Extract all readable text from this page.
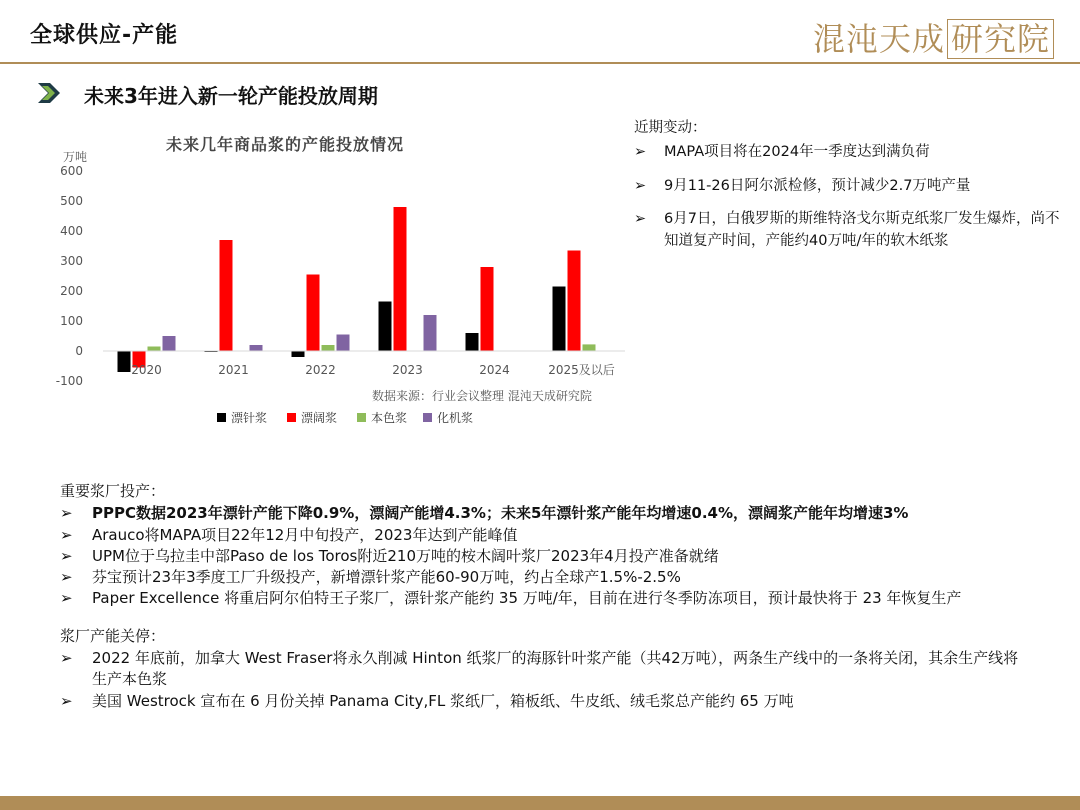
全球供应-产能	混沌天成 研究院
未来3年进入新一轮产能投放周期
未来几年商品浆的产能投放情况
万吨
-100
0
100
200
300
400
500
600
2020	2021	2022	2023	2024	2025及以后
数据来源：行业会议整理 混沌天成研究院
漂针浆	漂阔浆	本色浆 化机浆
近期变动：
➢ MAPA项目将在2024年一季度达到满负荷
➢ 9月11-26日阿尔派检修，预计减少2.7万吨产量
➢ 6月7日，白俄罗斯的斯维特洛戈尔斯克纸浆厂发生爆炸，尚不知道复产时间，产能约40万吨/年的软木纸浆
重要浆厂投产：
➢ PPPC数据2023年漂针产能下降0.9%，漂阔产能增4.3%；未来5年漂针浆产能年均增速0.4%，漂阔浆产能年均增速3%
➢ Arauco将MAPA项目22年12月中旬投产，2023年达到产能峰值
➢ UPM位于乌拉圭中部Paso de los Toros附近210万吨的桉木阔叶浆厂2023年4月投产准备就绪
➢ 芬宝预计23年3季度工厂升级投产，新增漂针浆产能60-90万吨，约占全球产1.5%-2.5%
➢ Paper Excellence 将重启阿尔伯特王子浆厂，漂针浆产能约 35 万吨/年，目前在进行冬季防冻项目，预计最快将于 23 年恢复生产
浆厂产能关停：
➢ 2022 年底前，加拿大 West Fraser将永久削减 Hinton 纸浆厂的海豚针叶浆产能（共42万吨），两条生产线中的一条将关闭，其余生产线将生产本色浆
➢ 美国 Westrock 宣布在 6 月份关掉 Panama City,FL 浆纸厂，箱板纸、牛皮纸、绒毛浆总产能约 65 万吨
